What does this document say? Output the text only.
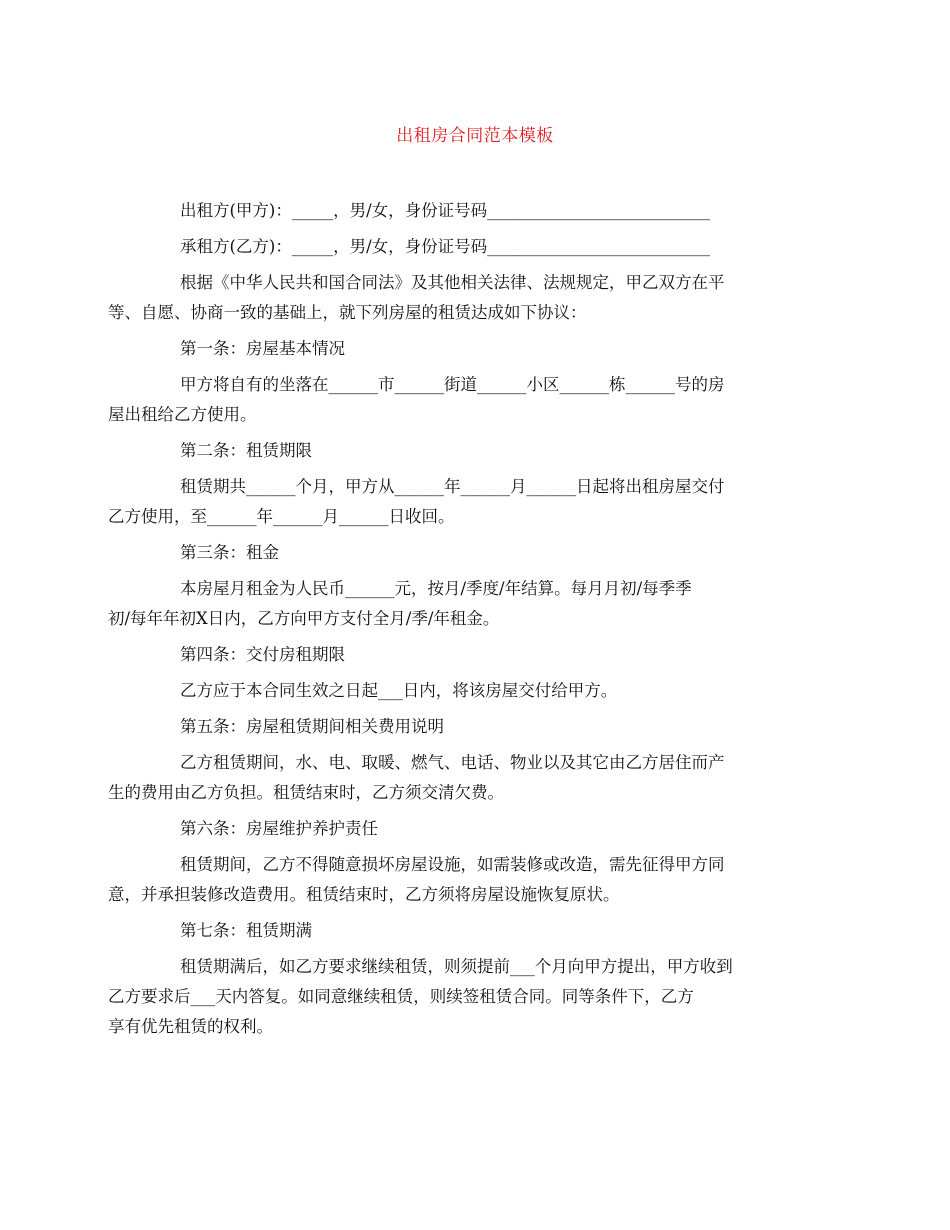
出租房合同范本模板
出租方(甲方)：_____，男/女，身份证号码___________________________
承租方(乙方)：_____，男/女，身份证号码___________________________
根据《中华人民共和国合同法》及其他相关法律、法规规定，甲乙双方在平
等、自愿、协商一致的基础上，就下列房屋的租赁达成如下协议：
第一条：房屋基本情况
甲方将自有的坐落在______市______街道______小区______栋______号的房
屋出租给乙方使用。
第二条：租赁期限
租赁期共______个月，甲方从______年______月______日起将出租房屋交付
乙方使用，至______年______月______日收回。
第三条：租金
本房屋月租金为人民币______元，按月/季度/年结算。每月月初/每季季
初/每年年初X日内，乙方向甲方支付全月/季/年租金。
第四条：交付房租期限
乙方应于本合同生效之日起___日内，将该房屋交付给甲方。
第五条：房屋租赁期间相关费用说明
乙方租赁期间，水、电、取暖、燃气、电话、物业以及其它由乙方居住而产
生的费用由乙方负担。租赁结束时，乙方须交清欠费。
第六条：房屋维护养护责任
租赁期间，乙方不得随意损坏房屋设施，如需装修或改造，需先征得甲方同
意，并承担装修改造费用。租赁结束时，乙方须将房屋设施恢复原状。
第七条：租赁期满
租赁期满后，如乙方要求继续租赁，则须提前___个月向甲方提出，甲方收到
乙方要求后___天内答复。如同意继续租赁，则续签租赁合同。同等条件下，乙方
享有优先租赁的权利。
